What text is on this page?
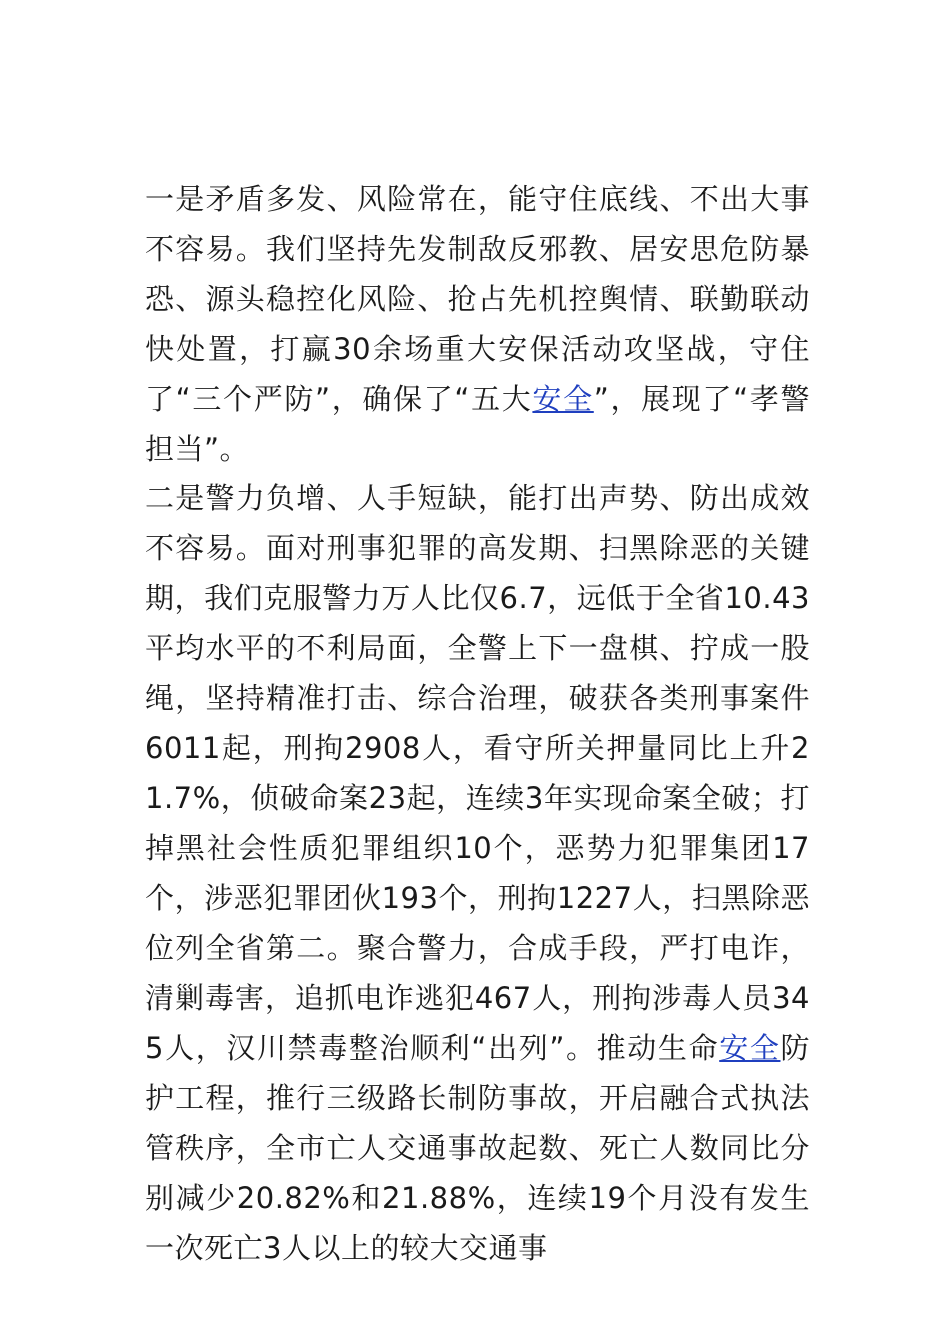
一是矛盾多发、风险常在，能守住底线、不出大事不容易。我们坚持先发制敌反邪教、居安思危防暴恐、源头稳控化风险、抢占先机控舆情、联勤联动快处置，打赢30余场重大安保活动攻坚战，守住了“三个严防”，确保了“五大安全”，展现了“孝警担当”。

二是警力负增、人手短缺，能打出声势、防出成效不容易。面对刑事犯罪的高发期、扫黑除恶的关键期，我们克服警力万人比仅6.7，远低于全省10.43平均水平的不利局面，全警上下一盘棋、拧成一股绳，坚持精准打击、综合治理，破获各类刑事案件6011起，刑拘2908人，看守所关押量同比上升21.7%，侦破命案23起，连续3年实现命案全破；打掉黑社会性质犯罪组织10个，恶势力犯罪集团17个，涉恶犯罪团伙193个，刑拘1227人，扫黑除恶位列全省第二。聚合警力，合成手段，严打电诈，清剿毒害，追抓电诈逃犯467人，刑拘涉毒人员345人，汉川禁毒整治顺利“出列”。推动生命安全防护工程，推行三级路长制防事故，开启融合式执法管秩序，全市亡人交通事故起数、死亡人数同比分别减少20.82%和21.88%，连续19个月没有发生一次死亡3人以上的较大交通事
